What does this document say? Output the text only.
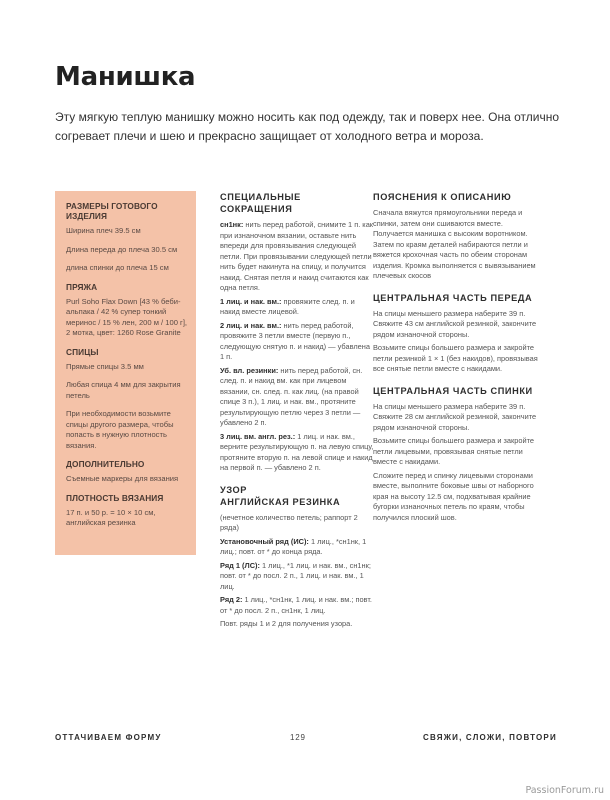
Манишка
Эту мягкую теплую манишку можно носить как под одежду, так и поверх нее. Она отлично согревает плечи и шею и прекрасно защищает от холодного ветра и мороза.
РАЗМЕРЫ ГОТОВОГО ИЗДЕЛИЯ
Ширина плеч 39.5 см
Длина переда до плеча 30.5 см
длина спинки до плеча 15 см
ПРЯЖА
Purl Soho Flax Down [43 % беби-альпака / 42 % супер тонкий меринос / 15 % лен, 200 м / 100 г], 2 мотка, цвет: 1260 Rose Granite
СПИЦЫ
Прямые спицы 3.5 мм
Любая спица 4 мм для закрытия петель
При необходимости возьмите спицы другого размера, чтобы попасть в нужную плотность вязания.
ДОПОЛНИТЕЛЬНО
Съемные маркеры для вязания
ПЛОТНОСТЬ ВЯЗАНИЯ
17 п. и 50 р. = 10 × 10 см, английская резинка
СПЕЦИАЛЬНЫЕ СОКРАЩЕНИЯ
сн1нк: нить перед работой, снимите 1 п. как при изнаночном вязании, оставьте нить впереди для провязывания следующей петли. При провязывании следующей петли нить будет накинута на спицу, и получится накид. Снятая петля и накид считаются как одна петля.
1 лиц. и нак. вм.: провяжите след. п. и накид вместе лицевой.
2 лиц. и нак. вм.: нить перед работой, провяжите 3 петли вместе (первую п., следующую снятую п. и накид) — убавлена 1 п.
Уб. вл. резинки: нить перед работой, сн. след. п. и накид вм. как при лицевом вязании, сн. след. п. как лиц. (на правой спице 3 п.), 1 лиц. и нак. вм., протяните результирующую петлю через 3 петли — убавлено 2 п.
3 лиц. вм. англ. рез.: 1 лиц. и нак. вм., верните результирующую п. на левую спицу, протяните вторую п. на левой спице и накид на первой п. — убавлено 2 п.
УЗОР
АНГЛИЙСКАЯ РЕЗИНКА
(нечетное количество петель; раппорт 2 ряда)
Установочный ряд (ИС): 1 лиц., *сн1нк, 1 лиц.; повт. от * до конца ряда.
Ряд 1 (ЛС): 1 лиц., *1 лиц. и нак. вм., сн1нк; повт. от * до посл. 2 п., 1 лиц. и нак. вм., 1 лиц.
Ряд 2: 1 лиц., *сн1нк, 1 лиц. и нак. вм.; повт. от * до посл. 2 п., сн1нк, 1 лиц.
Повт. ряды 1 и 2 для получения узора.
ПОЯСНЕНИЯ К ОПИСАНИЮ
Сначала вяжутся прямоугольники переда и спинки, затем они сшиваются вместе. Получается манишка с высоким воротником. Затем по краям деталей набираются петли и вяжется крохочная часть по обеим сторонам изделия. Кромка выполняется с вывязыванием плечевых скосов
ЦЕНТРАЛЬНАЯ ЧАСТЬ ПЕРЕДА
На спицы меньшего размера наберите 39 п. Свяжите 43 см английской резинкой, закончите рядом изнаночной стороны.
Возьмите спицы большего размера и закройте петли резинкой 1 × 1 (без накидов), провязывая все снятые петли вместе с накидами.
ЦЕНТРАЛЬНАЯ ЧАСТЬ СПИНКИ
На спицы меньшего размера наберите 39 п. Свяжите 28 см английской резинкой, закончите рядом изнаночной стороны.
Возьмите спицы большего размера и закройте петли лицевыми, провязывая снятые петли вместе с накидами.
Сложите перед и спинку лицевыми сторонами вместе, выполните боковые швы от наборного края на высоту 12.5 см, подхватывая крайние бугорки изнаночных петель по краям, чтобы получился плоский шов.
ОТТАЧИВАЕМ ФОРМУ	129	СВЯЖИ, СЛОЖИ, ПОВТОРИ
PassionForum.ru
